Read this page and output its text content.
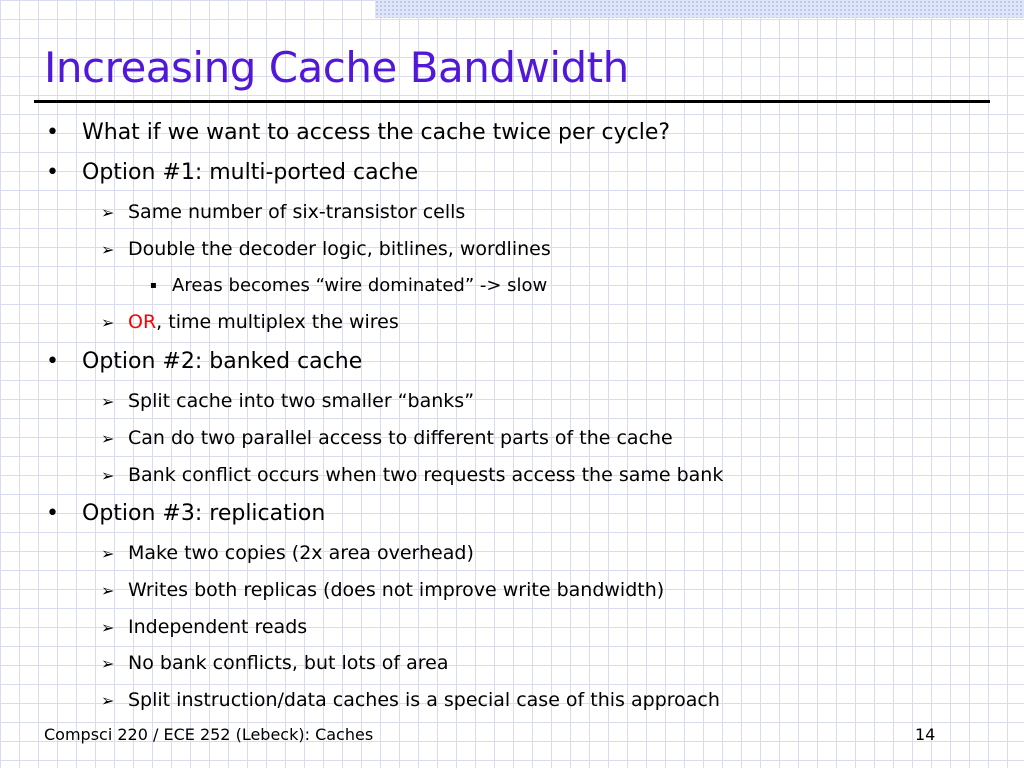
Increasing Cache Bandwidth
• What if we want to access the cache twice per cycle?
• Option #1: multi-ported cache
➢ Same number of six-transistor cells
➢ Double the decoder logic, bitlines, wordlines
▪ Areas becomes “wire dominated” -> slow
➢ OR, time multiplex the wires
• Option #2: banked cache
➢ Split cache into two smaller “banks”
➢ Can do two parallel access to different parts of the cache
➢ Bank conflict occurs when two requests access the same bank
• Option #3: replication
➢ Make two copies (2x area overhead)
➢ Writes both replicas (does not improve write bandwidth)
➢ Independent reads
➢ No bank conflicts, but lots of area
➢ Split instruction/data caches is a special case of this approach
Compsci 220 / ECE 252 (Lebeck): Caches	14
